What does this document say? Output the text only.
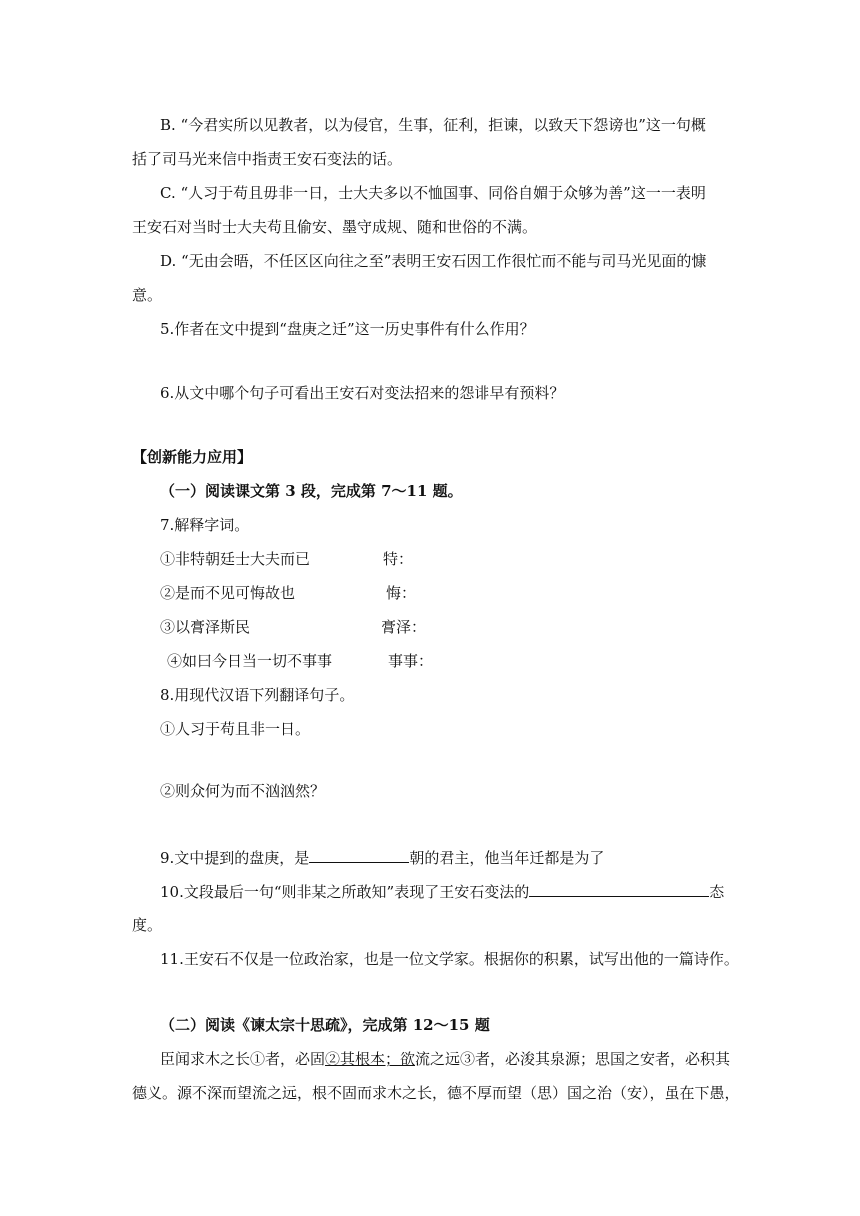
B. “今君实所以见教者，以为侵官，生事，征利，拒谏，以致天下怨谤也”这一句概
括了司马光来信中指责王安石变法的话。
C. “人习于苟且毋非一日，士大夫多以不恤国事、同俗自媚于众够为善”这一一表明
王安石对当时士大夫苟且偷安、墨守成规、随和世俗的不满。
D. “无由会晤，不任区区向往之至”表明王安石因工作很忙而不能与司马光见面的慷
意。
5.作者在文中提到“盘庚之迁”这一历史事件有什么作用？
6.从文中哪个句子可看出王安石对变法招来的怨诽早有预料？
【创新能力应用】
（一）阅读课文第 3 段，完成第 7～11 题。
7.解释字词。
①非特朝廷士大夫而已	特：
②是而不见可悔故也	悔：
③以膏泽斯民	膏泽：
④如曰今日当一切不事事	事事：
8.用现代汉语下列翻译句子。
①人习于苟且非一日。
②则众何为而不汹汹然？
9.文中提到的盘庚，是	朝的君主，他当年迁都是为了
10.文段最后一句“则非某之所敢知”表现了王安石变法的	态
度。
11.王安石不仅是一位政治家，也是一位文学家。根据你的积累，试写出他的一篇诗作。
（二）阅读《谏太宗十思疏》，完成第 12～15 题
臣闻求木之长①者，必固②其根本；欲流之远③者，必浚其泉源；思国之安者，必积其
德义。源不深而望流之远，根不固而求木之长，德不厚而望（思）国之治（安），虽在下愚，
